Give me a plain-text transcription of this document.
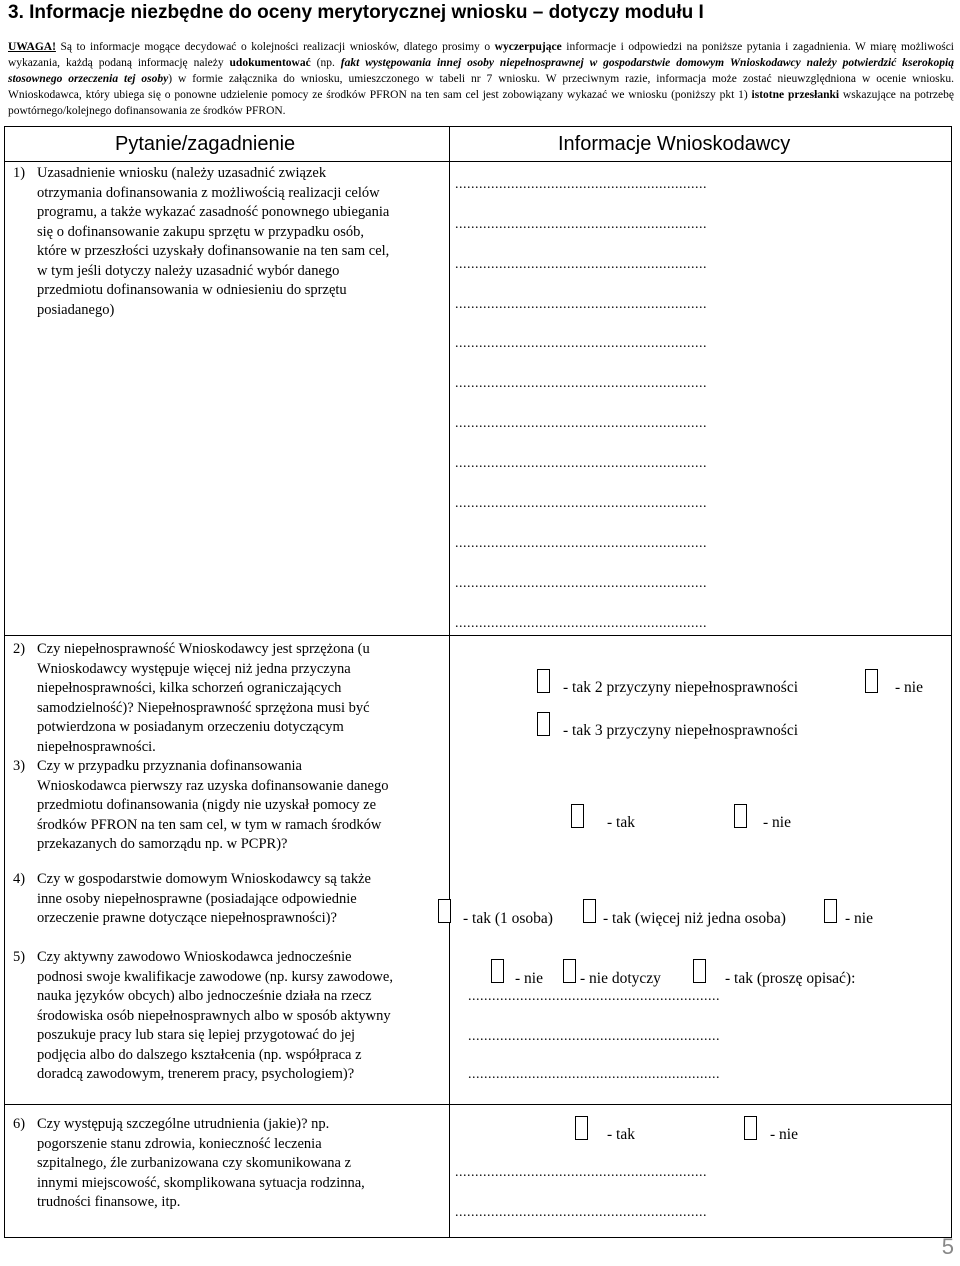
3. Informacje niezbędne do oceny merytorycznej wniosku – dotyczy modułu I
UWAGA! Są to informacje mogące decydować o kolejności realizacji wniosków, dlatego prosimy o wyczerpujące informacje i odpowiedzi na poniższe pytania i zagadnienia. W miarę możliwości wykazania, każdą podaną informację należy udokumentować (np. fakt występowania innej osoby niepełnosprawnej w gospodarstwie domowym Wnioskodawcy należy potwierdzić kserokopią stosownego orzeczenia tej osoby) w formie załącznika do wniosku, umieszczonego w tabeli nr 7 wniosku. W przeciwnym razie, informacja może zostać nieuwzględniona w ocenie wniosku. Wnioskodawca, który ubiega się o ponowne udzielenie pomocy ze środków PFRON na ten sam cel jest zobowiązany wykazać we wniosku (poniższy pkt 1) istotne przesłanki wskazujące na potrzebę powtórnego/kolejnego dofinansowania ze środków PFRON.
Pytanie/zagadnienie	Informacje Wnioskodawcy
1) Uzasadnienie wniosku (należy uzasadnić związek otrzymania dofinansowania z możliwością realizacji celów programu, a także wykazać zasadność ponownego ubiegania się o dofinansowanie zakupu sprzętu w przypadku osób, które w przeszłości uzyskały dofinansowanie na ten sam cel, w tym jeśli dotyczy należy uzasadnić wybór danego przedmiotu dofinansowania w odniesieniu do sprzętu posiadanego)
...............................................................
...............................................................
...............................................................
...............................................................
...............................................................
...............................................................
...............................................................
...............................................................
...............................................................
...............................................................
...............................................................
...............................................................
2) Czy niepełnosprawność Wnioskodawcy jest sprzężona (u Wnioskodawcy występuje więcej niż jedna przyczyna niepełnosprawności, kilka schorzeń ograniczających samodzielność)? Niepełnosprawność sprzężona musi być potwierdzona w posiadanym orzeczeniu dotyczącym niepełnosprawności.
- tak 2 przyczyny niepełnosprawności	- nie
- tak 3 przyczyny niepełnosprawności
3) Czy w przypadku przyznania dofinansowania Wnioskodawca pierwszy raz uzyska dofinansowanie danego przedmiotu dofinansowania (nigdy nie uzyskał pomocy ze środków PFRON na ten sam cel, w tym w ramach środków przekazanych do samorządu np. w PCPR)?
- tak	- nie
4) Czy w gospodarstwie domowym Wnioskodawcy są także inne osoby niepełnosprawne (posiadające odpowiednie orzeczenie prawne dotyczące niepełnosprawności)?	- tak (1 osoba)	- tak (więcej niż jedna osoba)	- nie
5) Czy aktywny zawodowo Wnioskodawca jednocześnie podnosi swoje kwalifikacje zawodowe (np. kursy zawodowe, nauka języków obcych) albo jednocześnie działa na rzecz środowiska osób niepełnosprawnych albo w sposób aktywny poszukuje pracy lub stara się lepiej przygotować do jej podjęcia albo do dalszego kształcenia (np. współpraca z doradcą zawodowym, trenerem pracy, psychologiem)?
- nie - nie dotyczy	- tak (proszę opisać):
...............................................................
...............................................................
...............................................................
6) Czy występują szczególne utrudnienia (jakie)? np. pogorszenie stanu zdrowia, konieczność leczenia szpitalnego, źle zurbanizowana czy skomunikowana z innymi miejscowość, skomplikowana sytuacja rodzinna, trudności finansowe, itp.
- tak	- nie
...............................................................
...............................................................
5
